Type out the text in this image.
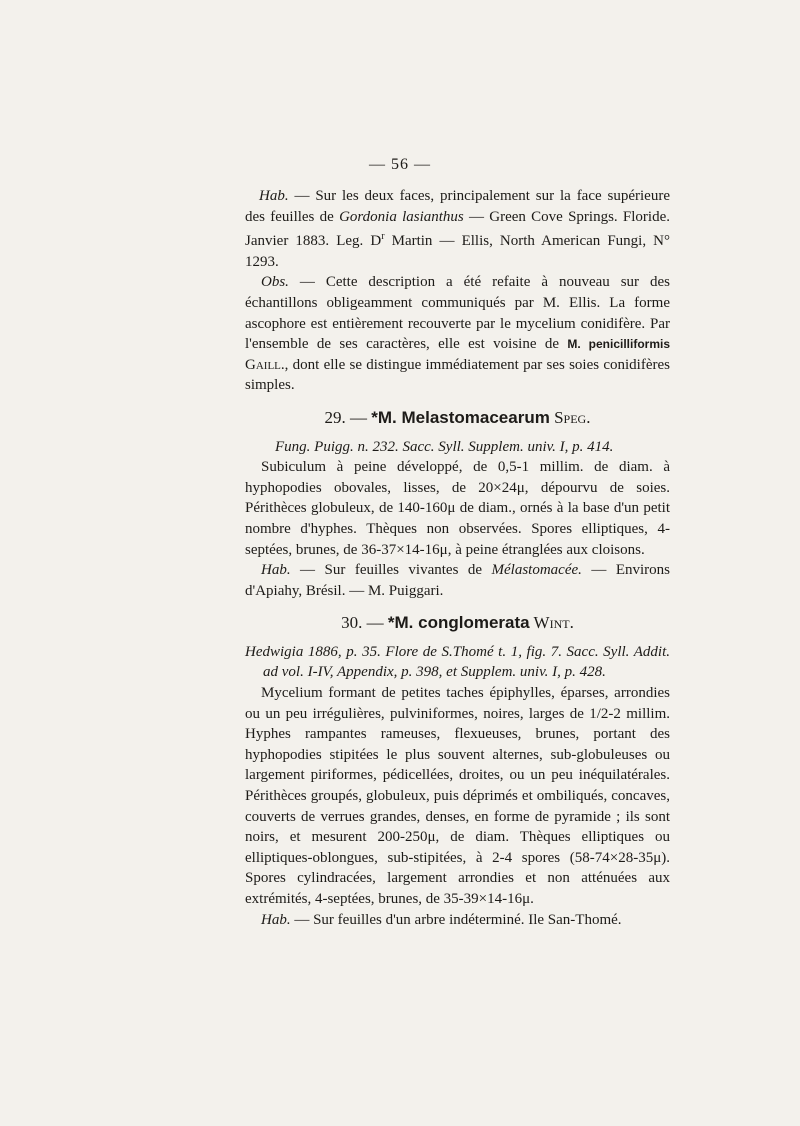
— 56 —

Hab. — Sur les deux faces, principalement sur la face supérieure des feuilles de Gordonia lasianthus — Green Cove Springs. Floride. Janvier 1883. Leg. $D^r$ Martin — Ellis, North American Fungi, N° 1293.

Obs. — Cette description a été refaite à nouveau sur des échantillons obligeamment communiqués par M. Ellis. La forme ascophore est entièrement recouverte par le mycelium conidifère. Par l'ensemble de ses caractères, elle est voisine de M. penicilliformis Gaill., dont elle se distingue immédiatement par ses soies conidifères simples.

29. — *M. Melastomacearum Speg.

Fung. Puigg. n. 232. Sacc. Syll. Supplem. univ. I, p. 414.

Subiculum à peine développé, de 0,5-1 millim. de diam. à hyphopodies obovales, lisses, de 20×24μ, dépourvu de soies. Périthèces globuleux, de 140-160μ de diam., ornés à la base d'un petit nombre d'hyphes. Thèques non observées. Spores elliptiques, 4-septées, brunes, de 36-37×14-16μ, à peine étranglées aux cloisons.

Hab. — Sur feuilles vivantes de Mélastomacée. — Environs d'Apiahy, Brésil. — M. Puiggari.

30. — *M. conglomerata Wint.

Hedwigia 1886, p. 35. Flore de S.Thomé t. 1, fig. 7. Sacc. Syll. Addit. ad vol. I-IV, Appendix, p. 398, et Supplem. univ. I, p. 428.

Mycelium formant de petites taches épiphylles, éparses, arrondies ou un peu irrégulières, pulviniformes, noires, larges de 1/2-2 millim. Hyphes rampantes rameuses, flexueuses, brunes, portant des hyphopodies stipitées le plus souvent alternes, sub-globuleuses ou largement piriformes, pédicellées, droites, ou un peu inéquilatérales. Périthèces groupés, globuleux, puis déprimés et ombiliqués, concaves, couverts de verrues grandes, denses, en forme de pyramide ; ils sont noirs, et mesurent 200-250μ, de diam. Thèques elliptiques ou elliptiques-oblongues, sub-stipitées, à 2-4 spores (58-74×28-35μ). Spores cylindracées, largement arrondies et non atténuées aux extrémités, 4-septées, brunes, de 35-39×14-16μ.

Hab. — Sur feuilles d'un arbre indéterminé. Ile San-Thomé.
